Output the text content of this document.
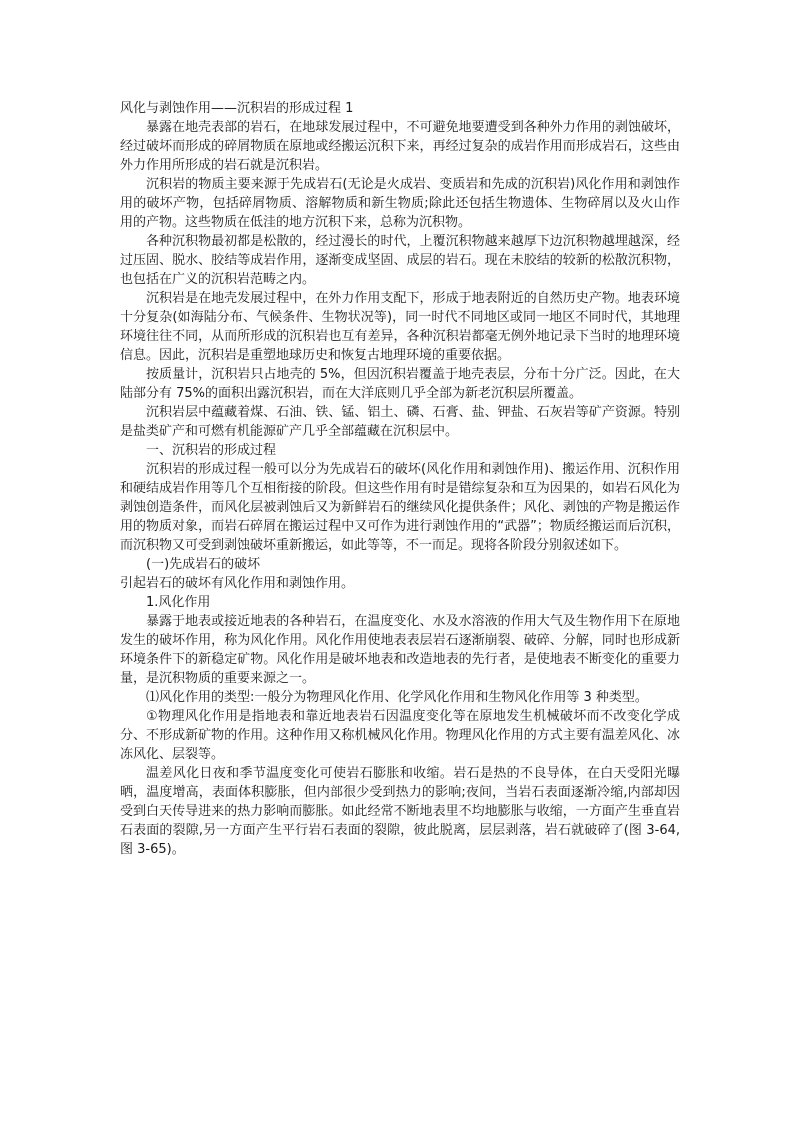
风化与剥蚀作用——沉积岩的形成过程 1

暴露在地壳表部的岩石，在地球发展过程中，不可避免地要遭受到各种外力作用的剥蚀破坏，经过破坏而形成的碎屑物质在原地或经搬运沉积下来，再经过复杂的成岩作用而形成岩石，这些由外力作用所形成的岩石就是沉积岩。

沉积岩的物质主要来源于先成岩石(无论是火成岩、变质岩和先成的沉积岩)风化作用和剥蚀作用的破坏产物，包括碎屑物质、溶解物质和新生物质;除此还包括生物遗体、生物碎屑以及火山作用的产物。这些物质在低洼的地方沉积下来，总称为沉积物。

各种沉积物最初都是松散的，经过漫长的时代，上覆沉积物越来越厚下边沉积物越埋越深，经过压固、脱水、胶结等成岩作用，逐渐变成坚固、成层的岩石。现在未胶结的较新的松散沉积物，也包括在广义的沉积岩范畴之内。

沉积岩是在地壳发展过程中，在外力作用支配下，形成于地表附近的自然历史产物。地表环境十分复杂(如海陆分布、气候条件、生物状况等)，同一时代不同地区或同一地区不同时代，其地理环境往往不同，从而所形成的沉积岩也互有差异，各种沉积岩都毫无例外地记录下当时的地理环境信息。因此，沉积岩是重塑地球历史和恢复古地理环境的重要依据。

按质量计，沉积岩只占地壳的 5%，但因沉积岩覆盖于地壳表层，分布十分广泛。因此，在大陆部分有 75%的面积出露沉积岩，而在大洋底则几乎全部为新老沉积层所覆盖。

沉积岩层中蕴藏着煤、石油、铁、锰、铝土、磷、石膏、盐、钾盐、石灰岩等矿产资源。特别是盐类矿产和可燃有机能源矿产几乎全部蕴藏在沉积层中。

一、沉积岩的形成过程

沉积岩的形成过程一般可以分为先成岩石的破坏(风化作用和剥蚀作用)、搬运作用、沉积作用和硬结成岩作用等几个互相衔接的阶段。但这些作用有时是错综复杂和互为因果的，如岩石风化为剥蚀创造条件，而风化层被剥蚀后又为新鲜岩石的继续风化提供条件；风化、剥蚀的产物是搬运作用的物质对象，而岩石碎屑在搬运过程中又可作为进行剥蚀作用的“武器”；物质经搬运而后沉积，而沉积物又可受到剥蚀破坏重新搬运，如此等等，不一而足。现将各阶段分别叙述如下。

(一)先成岩石的破坏

引起岩石的破坏有风化作用和剥蚀作用。

1.风化作用

暴露于地表或接近地表的各种岩石，在温度变化、水及水溶液的作用大气及生物作用下在原地发生的破坏作用，称为风化作用。风化作用使地表表层岩石逐渐崩裂、破碎、分解，同时也形成新环境条件下的新稳定矿物。风化作用是破坏地表和改造地表的先行者，是使地表不断变化的重要力量，是沉积物质的重要来源之一。

⑴风化作用的类型:一般分为物理风化作用、化学风化作用和生物风化作用等 3 种类型。

①物理风化作用是指地表和靠近地表岩石因温度变化等在原地发生机械破坏而不改变化学成分、不形成新矿物的作用。这种作用又称机械风化作用。物理风化作用的方式主要有温差风化、冰冻风化、层裂等。

温差风化日夜和季节温度变化可使岩石膨胀和收缩。岩石是热的不良导体，在白天受阳光曝晒，温度增高，表面体积膨胀，但内部很少受到热力的影响;夜间，当岩石表面逐渐冷缩,内部却因受到白天传导进来的热力影响而膨胀。如此经常不断地表里不均地膨胀与收缩，一方面产生垂直岩石表面的裂隙,另一方面产生平行岩石表面的裂隙，彼此脱离，层层剥落，岩石就破碎了(图 3-64,图 3-65)。
